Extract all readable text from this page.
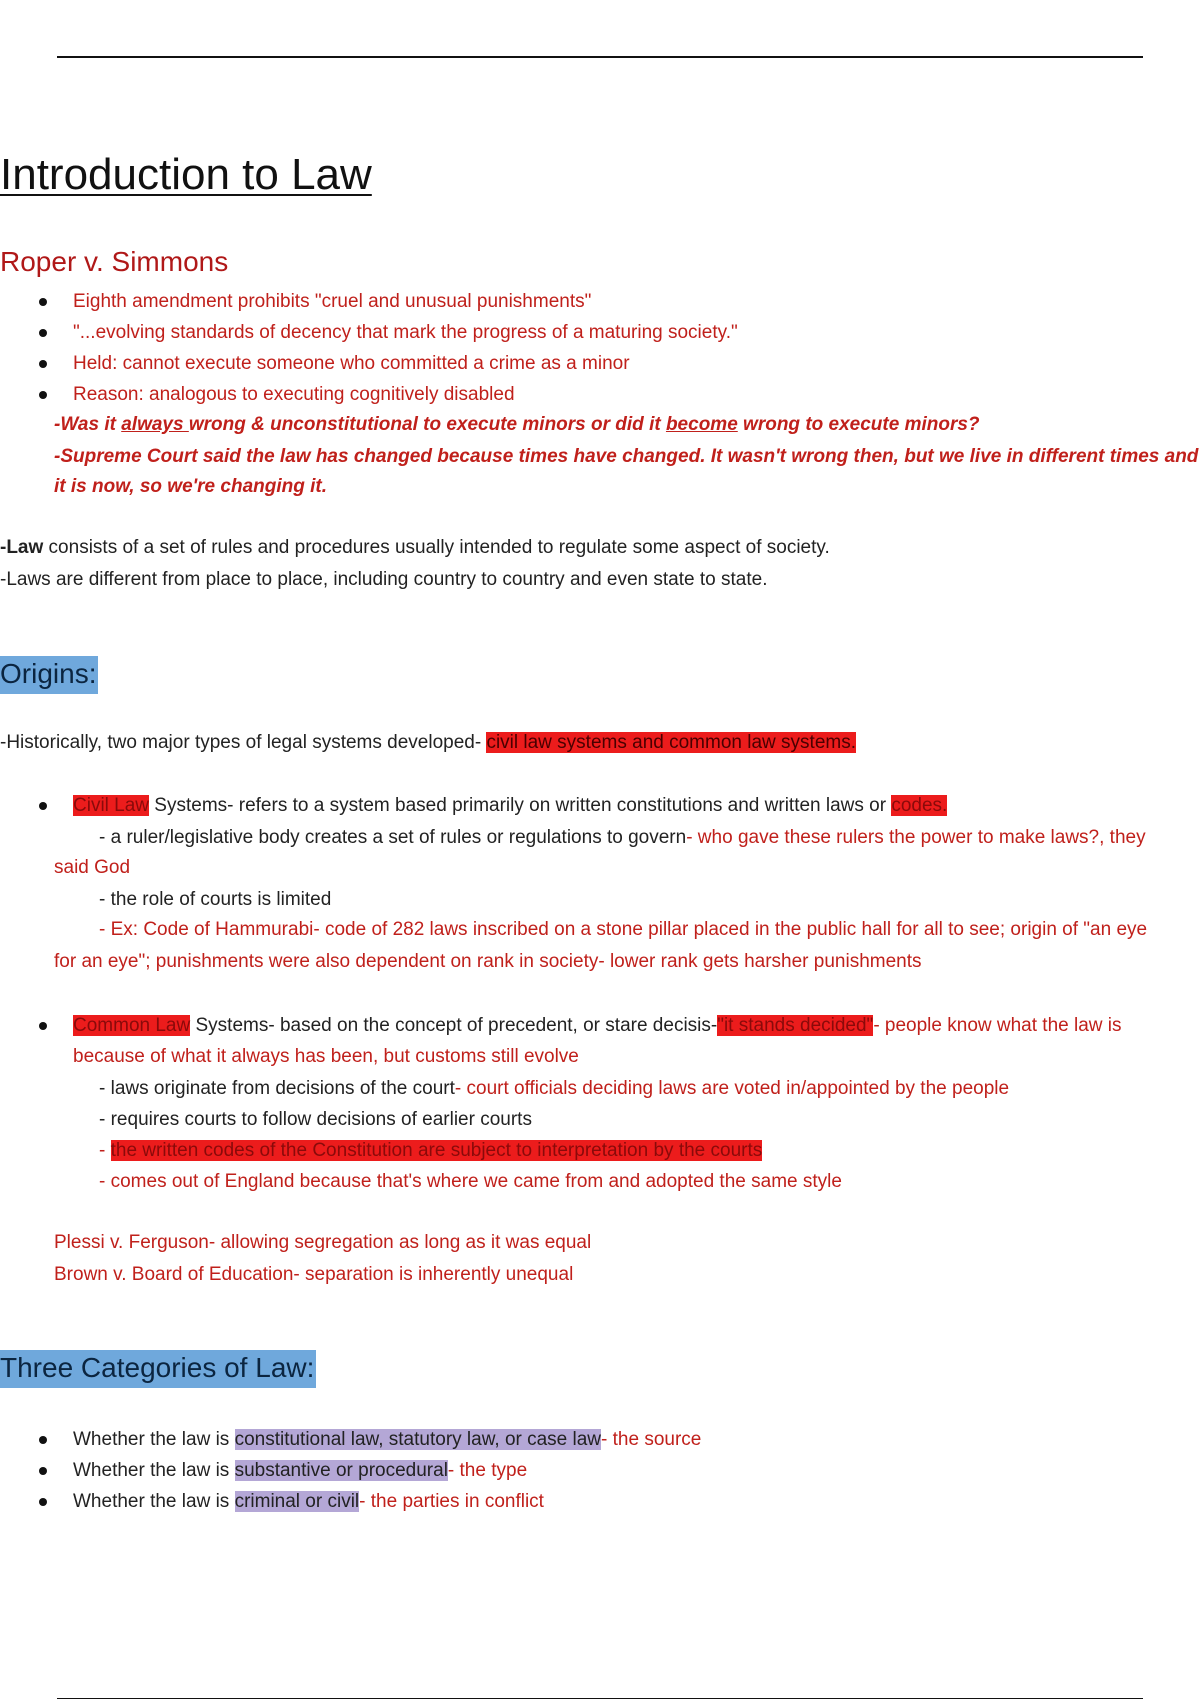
Introduction to Law
Roper v. Simmons
Eighth amendment prohibits "cruel and unusual punishments"
"...evolving standards of decency that mark the progress of a maturing society."
Held: cannot execute someone who committed a crime as a minor
Reason: analogous to executing cognitively disabled
-Was it always wrong & unconstitutional to execute minors or did it become wrong to execute minors?
-Supreme Court said the law has changed because times have changed. It wasn't wrong then, but we live in different times and
it is now, so we're changing it.
-Law consists of a set of rules and procedures usually intended to regulate some aspect of society.
-Laws are different from place to place, including country to country and even state to state.
Origins:
-Historically, two major types of legal systems developed- civil law systems and common law systems.
Civil Law Systems- refers to a system based primarily on written constitutions and written laws or codes.
- a ruler/legislative body creates a set of rules or regulations to govern- who gave these rulers the power to make laws?, they
said God
- the role of courts is limited
- Ex: Code of Hammurabi- code of 282 laws inscribed on a stone pillar placed in the public hall for all to see; origin of "an eye
for an eye"; punishments were also dependent on rank in society- lower rank gets harsher punishments
Common Law Systems- based on the concept of precedent, or stare decisis-"it stands decided"- people know what the law is
because of what it always has been, but customs still evolve
- laws originate from decisions of the court- court officials deciding laws are voted in/appointed by the people
- requires courts to follow decisions of earlier courts
- the written codes of the Constitution are subject to interpretation by the courts
- comes out of England because that's where we came from and adopted the same style
Plessi v. Ferguson- allowing segregation as long as it was equal
Brown v. Board of Education- separation is inherently unequal
Three Categories of Law:
Whether the law is constitutional law, statutory law, or case law- the source
Whether the law is substantive or procedural- the type
Whether the law is criminal or civil- the parties in conflict
